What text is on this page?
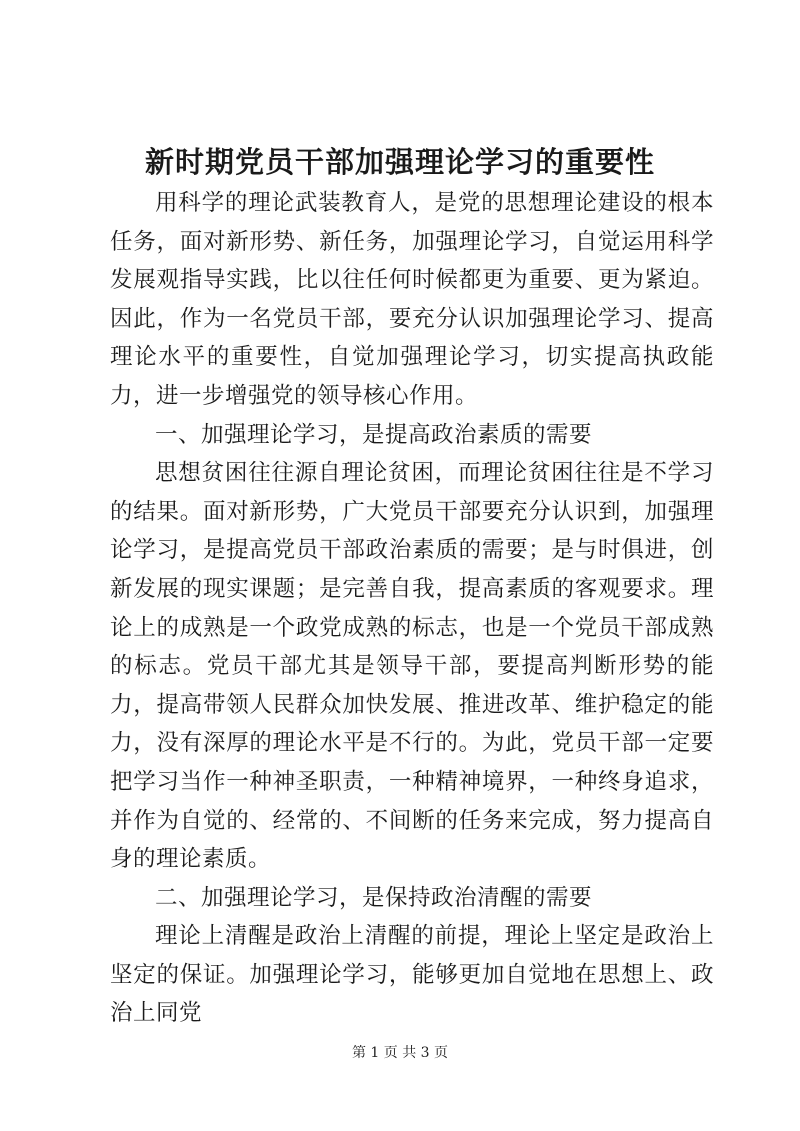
新时期党员干部加强理论学习的重要性

用科学的理论武装教育人，是党的思想理论建设的根本任务，面对新形势、新任务，加强理论学习，自觉运用科学发展观指导实践，比以往任何时候都更为重要、更为紧迫。因此，作为一名党员干部，要充分认识加强理论学习、提高理论水平的重要性，自觉加强理论学习，切实提高执政能力，进一步增强党的领导核心作用。

一、加强理论学习，是提高政治素质的需要

思想贫困往往源自理论贫困，而理论贫困往往是不学习的结果。面对新形势，广大党员干部要充分认识到，加强理论学习，是提高党员干部政治素质的需要；是与时俱进，创新发展的现实课题；是完善自我，提高素质的客观要求。理论上的成熟是一个政党成熟的标志，也是一个党员干部成熟的标志。党员干部尤其是领导干部，要提高判断形势的能力，提高带领人民群众加快发展、推进改革、维护稳定的能力，没有深厚的理论水平是不行的。为此，党员干部一定要把学习当作一种神圣职责，一种精神境界，一种终身追求，并作为自觉的、经常的、不间断的任务来完成，努力提高自身的理论素质。

二、加强理论学习，是保持政治清醒的需要

理论上清醒是政治上清醒的前提，理论上坚定是政治上坚定的保证。加强理论学习，能够更加自觉地在思想上、政治上同党

第 1 页 共 3 页
